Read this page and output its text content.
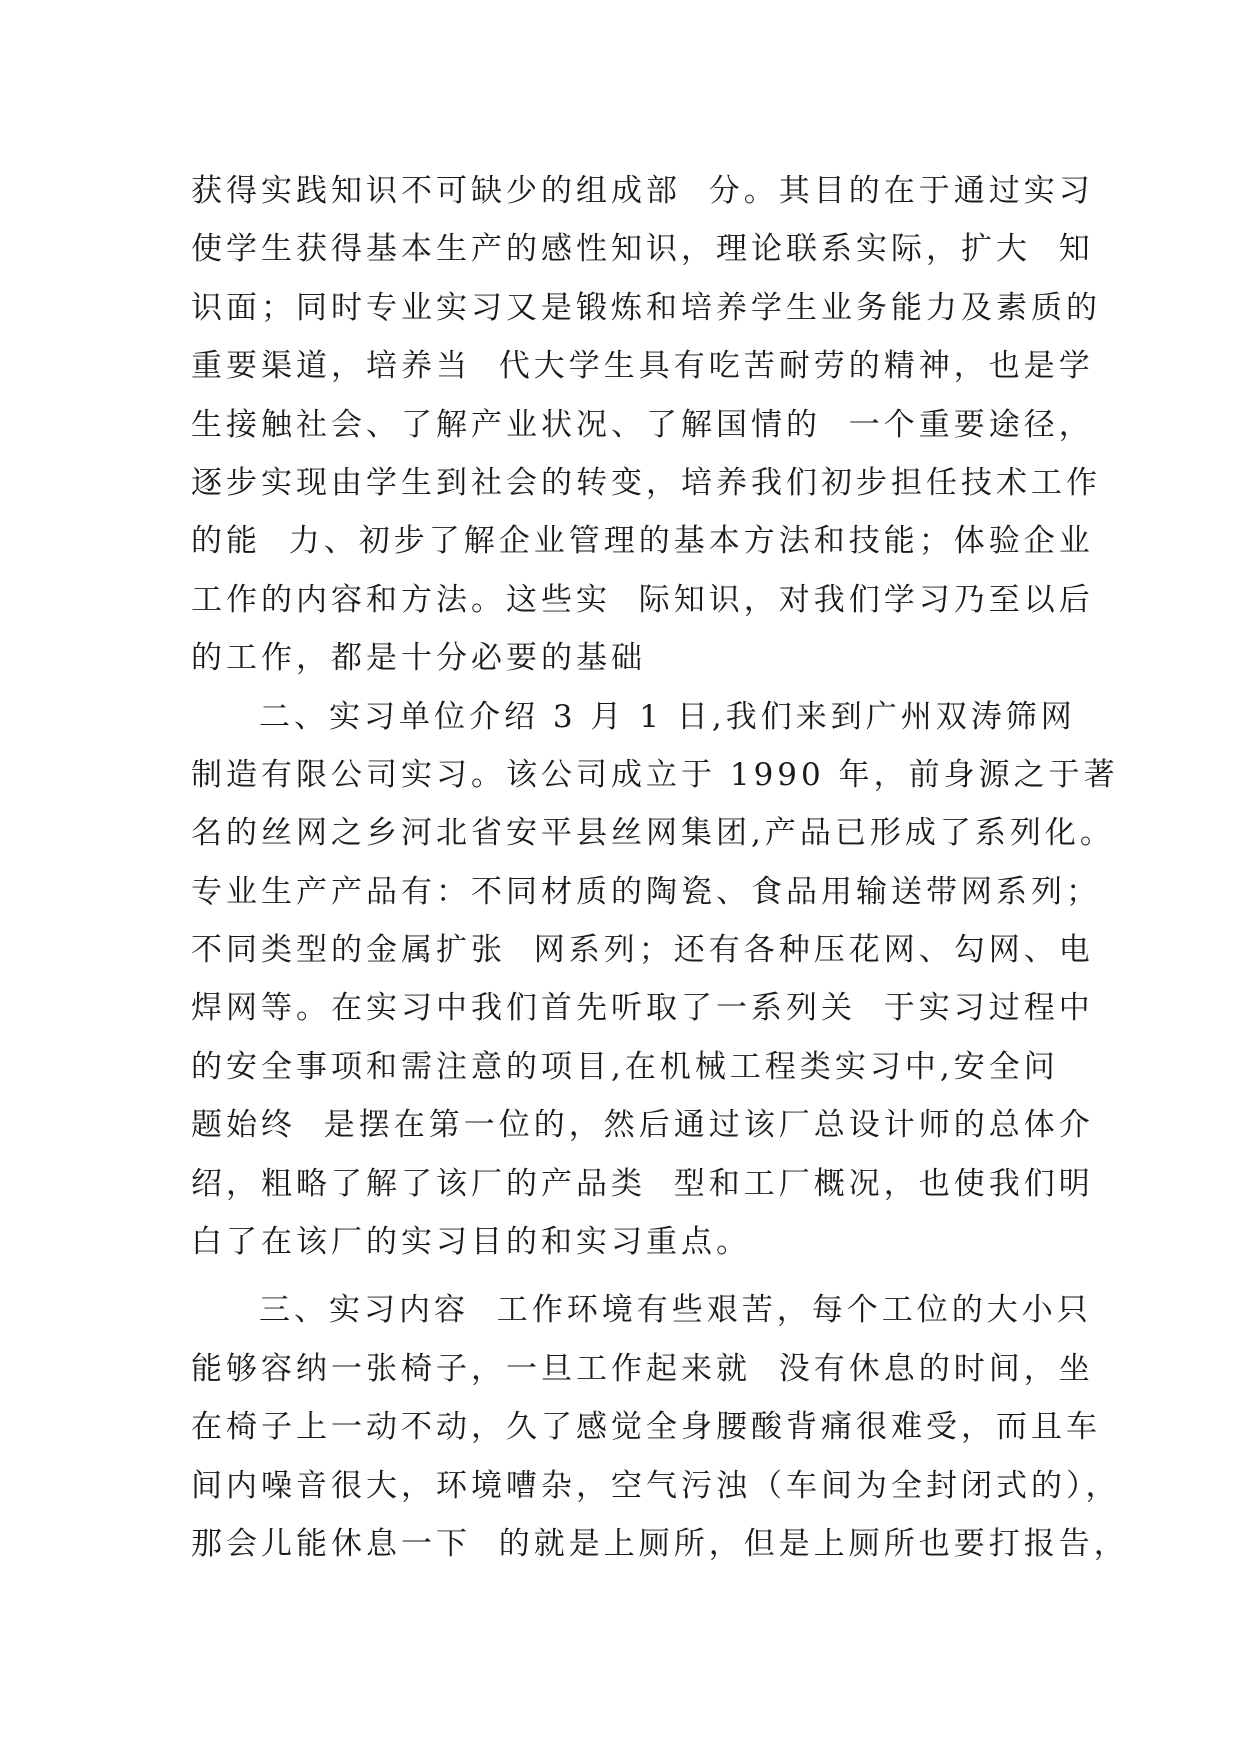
获得实践知识不可缺少的组成部  分。其目的在于通过实习
使学生获得基本生产的感性知识，理论联系实际，扩大  知
识面；同时专业实习又是锻炼和培养学生业务能力及素质的
重要渠道，培养当  代大学生具有吃苦耐劳的精神，也是学
生接触社会、了解产业状况、了解国情的  一个重要途径，
逐步实现由学生到社会的转变，培养我们初步担任技术工作
的能  力、初步了解企业管理的基本方法和技能；体验企业
工作的内容和方法。这些实  际知识，对我们学习乃至以后
的工作，都是十分必要的基础
二、实习单位介绍 3 月 1 日,我们来到广州双涛筛网
制造有限公司实习。该公司成立于 1990 年，前身源之于著
名的丝网之乡河北省安平县丝网集团,产品已形成了系列化。
专业生产产品有：不同材质的陶瓷、食品用输送带网系列；
不同类型的金属扩张  网系列；还有各种压花网、勾网、电
焊网等。在实习中我们首先听取了一系列关  于实习过程中
的安全事项和需注意的项目,在机械工程类实习中,安全问
题始终  是摆在第一位的，然后通过该厂总设计师的总体介
绍，粗略了解了该厂的产品类  型和工厂概况，也使我们明
白了在该厂的实习目的和实习重点。
三、实习内容  工作环境有些艰苦，每个工位的大小只
能够容纳一张椅子，一旦工作起来就  没有休息的时间，坐
在椅子上一动不动，久了感觉全身腰酸背痛很难受，而且车
间内噪音很大，环境嘈杂，空气污浊（车间为全封闭式的），
那会儿能休息一下  的就是上厕所，但是上厕所也要打报告，
